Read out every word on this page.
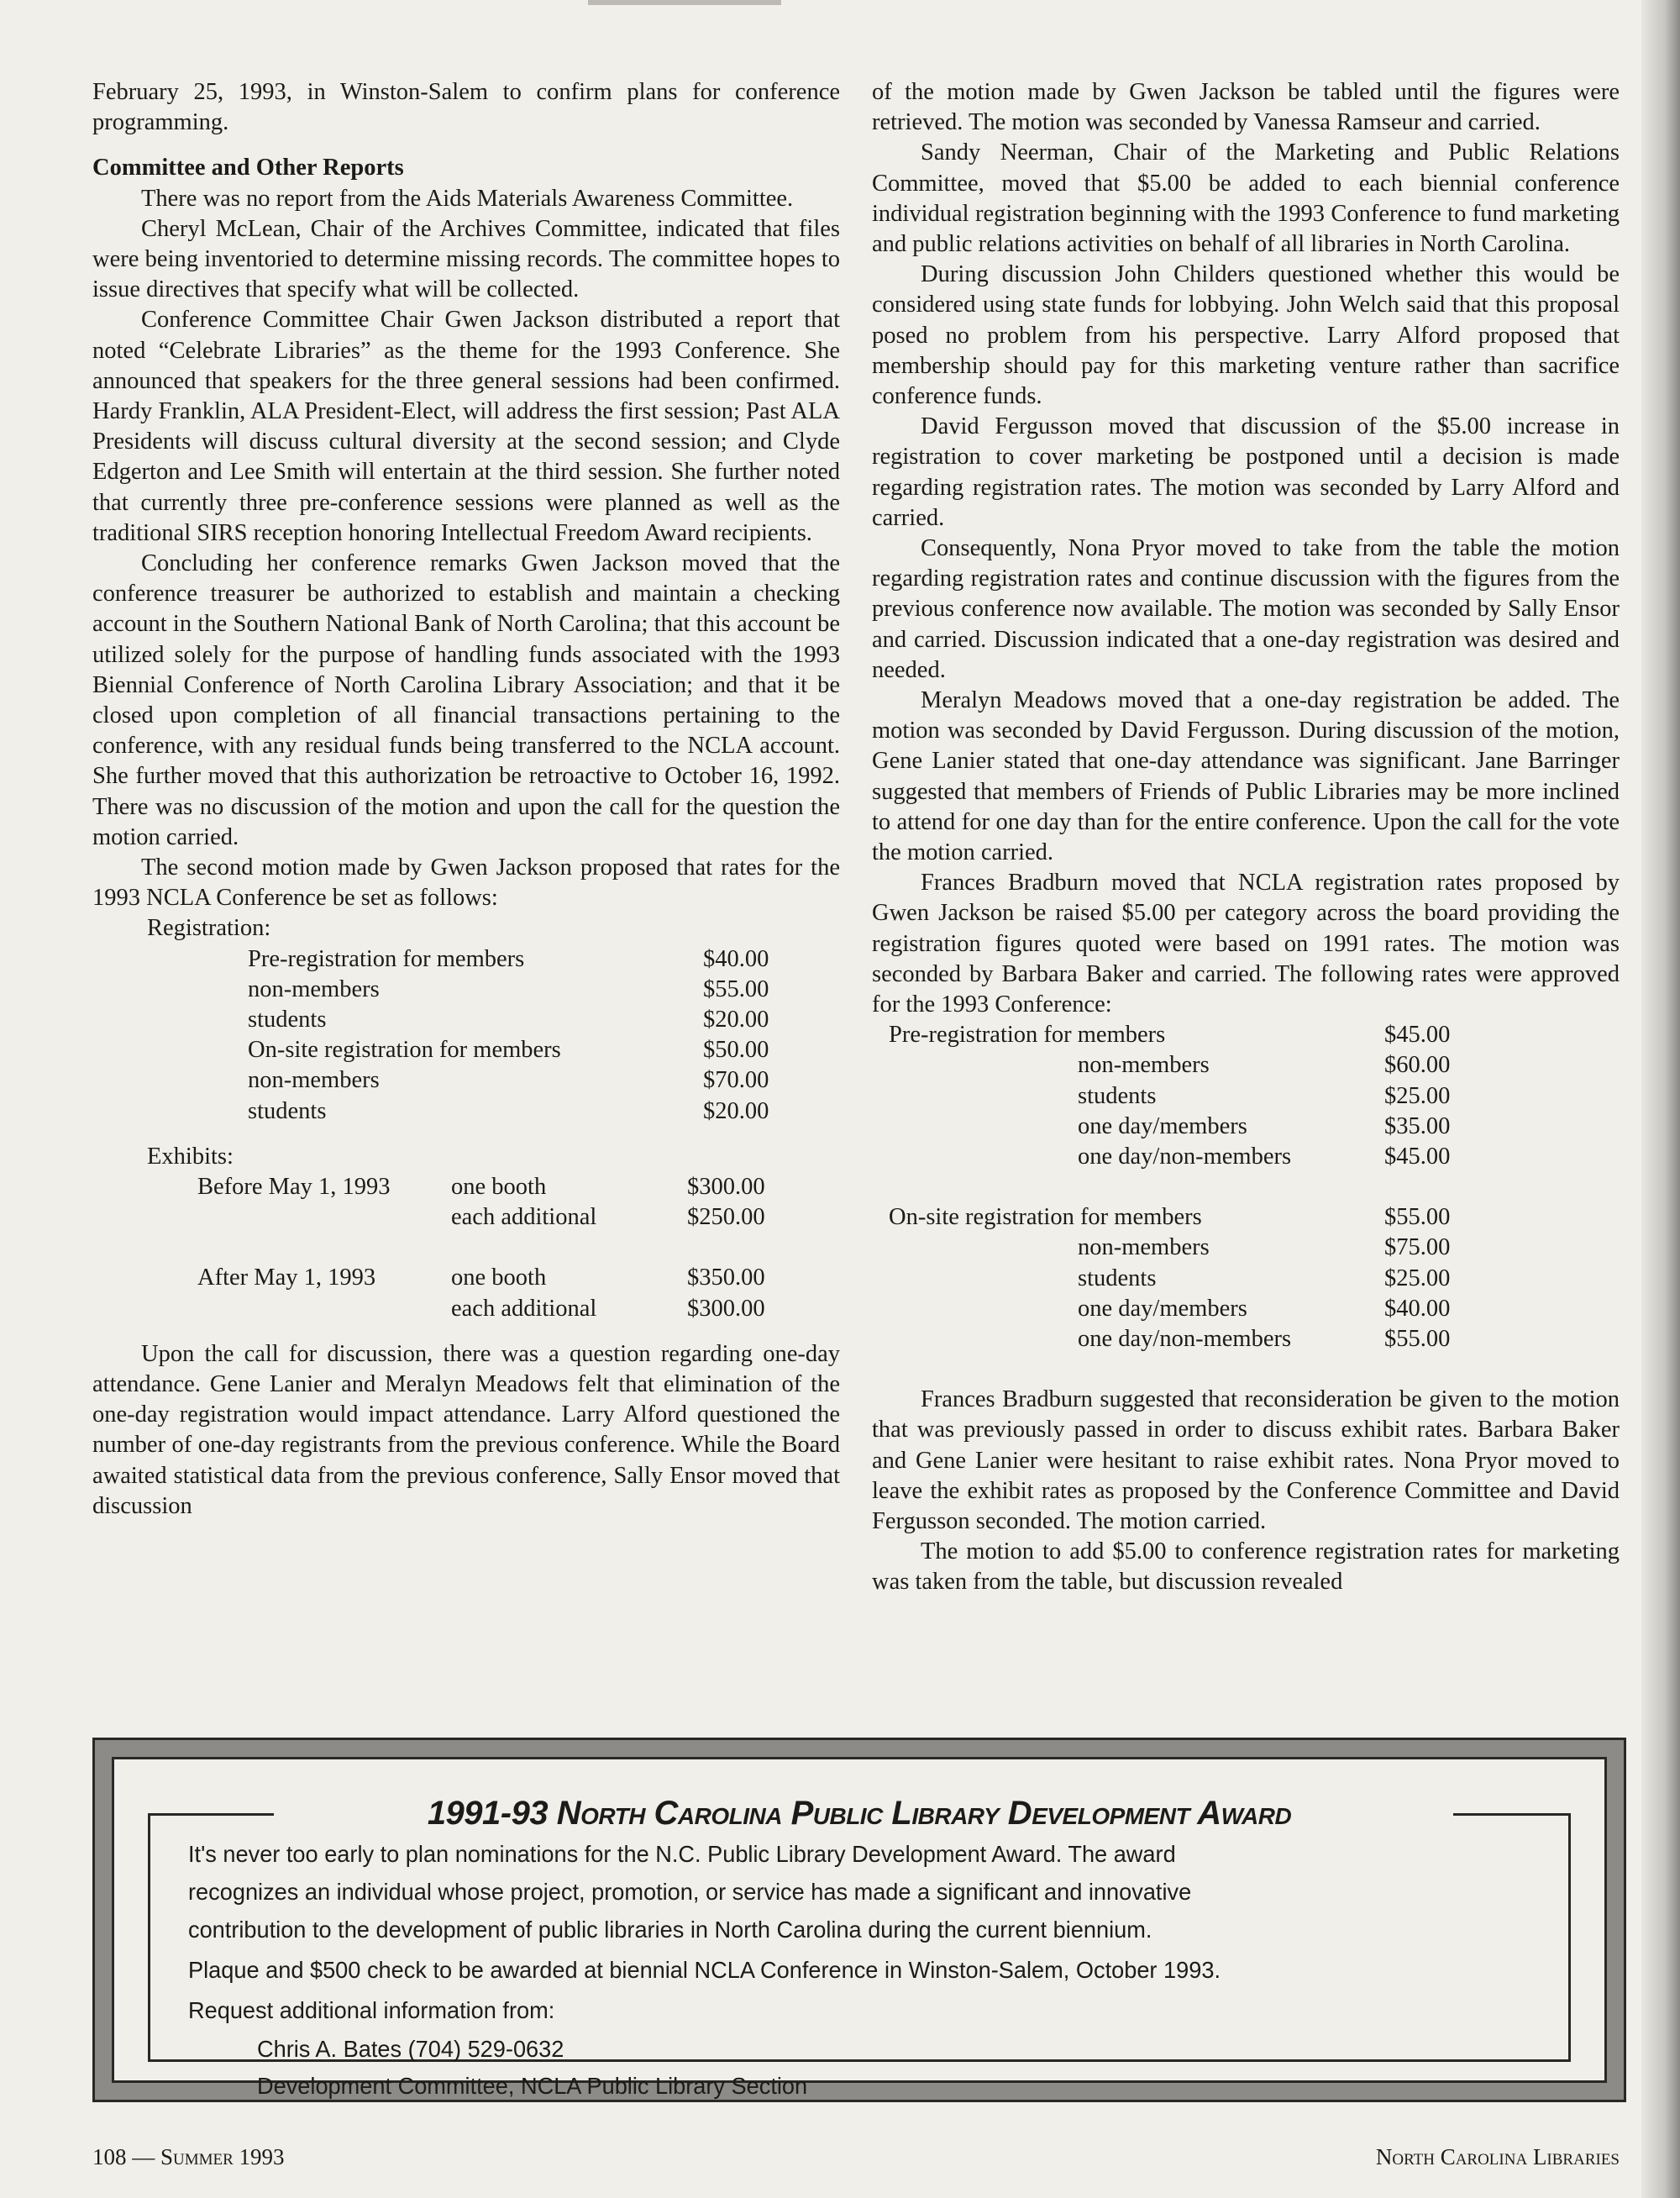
February 25, 1993, in Winston-Salem to confirm plans for conference programming.

Committee and Other Reports

There was no report from the Aids Materials Awareness Committee.

Cheryl McLean, Chair of the Archives Committee, indicated that files were being inventoried to determine missing records. The committee hopes to issue directives that specify what will be collected.

Conference Committee Chair Gwen Jackson distributed a report that noted “Celebrate Libraries” as the theme for the 1993 Conference. She announced that speakers for the three general sessions had been confirmed. Hardy Franklin, ALA President-Elect, will address the first session; Past ALA Presidents will discuss cultural diversity at the second session; and Clyde Edgerton and Lee Smith will entertain at the third session. She further noted that currently three pre-conference sessions were planned as well as the traditional SIRS reception honoring Intellectual Freedom Award recipients.

Concluding her conference remarks Gwen Jackson moved that the conference treasurer be authorized to establish and maintain a checking account in the Southern National Bank of North Carolina; that this account be utilized solely for the purpose of handling funds associated with the 1993 Biennial Conference of North Carolina Library Association; and that it be closed upon completion of all financial transactions pertaining to the conference, with any residual funds being transferred to the NCLA account. She further moved that this authorization be retroactive to October 16, 1992. There was no discussion of the motion and upon the call for the question the motion carried.

The second motion made by Gwen Jackson proposed that rates for the 1993 NCLA Conference be set as follows:

Registration:
Pre-registration for members	$40.00
non-members	$55.00
students	$20.00
On-site registration for members	$50.00
non-members	$70.00
students	$20.00
Exhibits:
Before May 1, 1993	one booth	$300.00
each additional	$250.00
After May 1, 1993	one booth	$350.00
each additional	$300.00

Upon the call for discussion, there was a question regarding one-day attendance. Gene Lanier and Meralyn Meadows felt that elimination of the one-day registration would impact attendance. Larry Alford questioned the number of one-day registrants from the previous conference. While the Board awaited statistical data from the previous conference, Sally Ensor moved that discussion

of the motion made by Gwen Jackson be tabled until the figures were retrieved. The motion was seconded by Vanessa Ramseur and carried.

Sandy Neerman, Chair of the Marketing and Public Relations Committee, moved that $5.00 be added to each biennial conference individual registration beginning with the 1993 Conference to fund marketing and public relations activities on behalf of all libraries in North Carolina.

During discussion John Childers questioned whether this would be considered using state funds for lobbying. John Welch said that this proposal posed no problem from his perspective. Larry Alford proposed that membership should pay for this marketing venture rather than sacrifice conference funds.

David Fergusson moved that discussion of the $5.00 increase in registration to cover marketing be postponed until a decision is made regarding registration rates. The motion was seconded by Larry Alford and carried.

Consequently, Nona Pryor moved to take from the table the motion regarding registration rates and continue discussion with the figures from the previous conference now available. The motion was seconded by Sally Ensor and carried. Discussion indicated that a one-day registration was desired and needed.

Meralyn Meadows moved that a one-day registration be added. The motion was seconded by David Fergusson. During discussion of the motion, Gene Lanier stated that one-day attendance was significant. Jane Barringer suggested that members of Friends of Public Libraries may be more inclined to attend for one day than for the entire conference. Upon the call for the vote the motion carried.

Frances Bradburn moved that NCLA registration rates proposed by Gwen Jackson be raised $5.00 per category across the board providing the registration figures quoted were based on 1991 rates. The motion was seconded by Barbara Baker and carried. The following rates were approved for the 1993 Conference:

Pre-registration for members	$45.00
non-members	$60.00
students	$25.00
one day/members	$35.00
one day/non-members	$45.00
On-site registration for members	$55.00
non-members	$75.00
students	$25.00
one day/members	$40.00
one day/non-members	$55.00

Frances Bradburn suggested that reconsideration be given to the motion that was previously passed in order to discuss exhibit rates. Barbara Baker and Gene Lanier were hesitant to raise exhibit rates. Nona Pryor moved to leave the exhibit rates as proposed by the Conference Committee and David Fergusson seconded. The motion carried.

The motion to add $5.00 to conference registration rates for marketing was taken from the table, but discussion revealed

1991-93 North Carolina Public Library Development Award
It's never too early to plan nominations for the N.C. Public Library Development Award. The award
recognizes an individual whose project, promotion, or service has made a significant and innovative
contribution to the development of public libraries in North Carolina during the current biennium.
Plaque and $500 check to be awarded at biennial NCLA Conference in Winston-Salem, October 1993.
Request additional information from:
Chris A. Bates (704) 529-0632
Development Committee, NCLA Public Library Section
108 — Summer 1993	North Carolina Libraries
